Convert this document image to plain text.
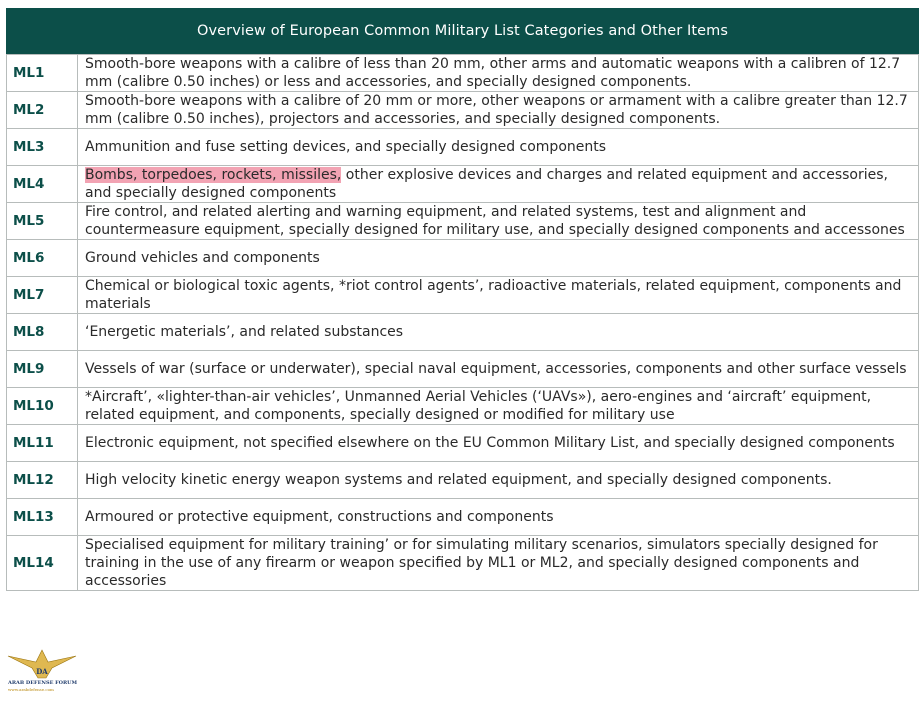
Overview of European Common Military List Categories and Other Items
ML1	Smooth-bore weapons with a calibre of less than 20 mm, other arms and automatic weapons with a calibren of 12.7 mm (calibre 0.50 inches) or less and accessories, and specially designed components.
ML2	Smooth-bore weapons with a calibre of 20 mm or more, other weapons or armament with a calibre greater than 12.7 mm (calibre 0.50 inches), projectors and accessories, and specially designed components.
ML3	Ammunition and fuse setting devices, and specially designed components
ML4	Bombs, torpedoes, rockets, missiles, other explosive devices and charges and related equipment and accessories, and specially designed components
ML5	Fire control, and related alerting and warning equipment, and related systems, test and alignment and countermeasure equipment, specially designed for military use, and specially designed components and accessones
ML6	Ground vehicles and components
ML7	Chemical or biological toxic agents, *riot control agents’, radioactive materials, related equipment, components and materials
ML8	‘Energetic materials’, and related substances
ML9	Vessels of war (surface or underwater), special naval equipment, accessories, components and other surface vessels
ML10	*Aircraft’, «lighter-than-air vehicles’, Unmanned Aerial Vehicles (‘UAVs»), aero-engines and ‘aircraft’ equipment, related equipment, and components, specially designed or modified for military use
ML11	Electronic equipment, not specified elsewhere on the EU Common Military List, and specially designed components
ML12	High velocity kinetic energy weapon systems and related equipment, and specially designed components.
ML13	Armoured or protective equipment, constructions and components
ML14	Specialised equipment for military training’ or for simulating military scenarios, simulators specially designed for training in the use of any firearm or weapon specified by ML1 or ML2, and specially designed components and accessories
DA
ARAB DEFENSE FORUM
www.arabdefense.com
